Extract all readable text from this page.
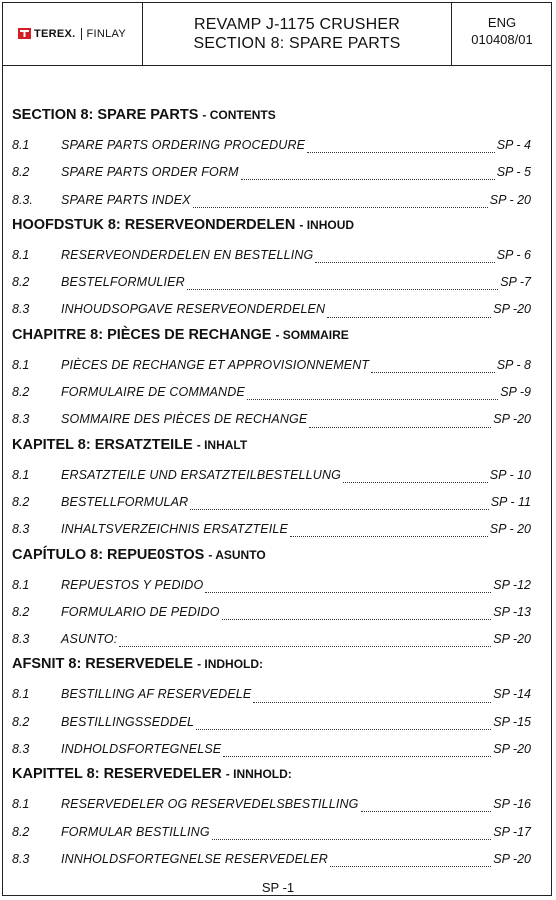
TEREX. FINLAY
REVAMP J-1175 CRUSHER
SECTION 8: SPARE PARTS
ENG
010408/01
SECTION 8: SPARE PARTS - CONTENTS
8.1	SPARE PARTS ORDERING PROCEDURE	SP - 4
8.2	SPARE PARTS ORDER FORM	SP - 5
8.3.	SPARE PARTS INDEX	SP - 20
HOOFDSTUK 8: RESERVEONDERDELEN - INHOUD
8.1	RESERVEONDERDELEN EN BESTELLING	SP - 6
8.2	BESTELFORMULIER	SP -7
8.3	INHOUDSOPGAVE RESERVEONDERDELEN	SP -20
CHAPITRE 8: PIÈCES DE RECHANGE - SOMMAIRE
8.1	PIÈCES DE RECHANGE ET APPROVISIONNEMENT	SP - 8
8.2	FORMULAIRE DE COMMANDE	SP -9
8.3	SOMMAIRE DES PIÈCES DE RECHANGE	SP -20
KAPITEL 8: ERSATZTEILE - INHALT
8.1	ERSATZTEILE UND ERSATZTEILBESTELLUNG	SP - 10
8.2	BESTELLFORMULAR	SP - 11
8.3	INHALTSVERZEICHNIS ERSATZTEILE	SP - 20
CAPÍTULO 8: REPUE0STOS - ASUNTO
8.1	REPUESTOS Y PEDIDO	SP -12
8.2	FORMULARIO DE PEDIDO	SP -13
8.3	ASUNTO:	SP -20
AFSNIT 8: RESERVEDELE - INDHOLD:
8.1	BESTILLING AF RESERVEDELE	SP -14
8.2	BESTILLINGSSEDDEL	SP -15
8.3	INDHOLDSFORTEGNELSE	SP -20
KAPITTEL 8: RESERVEDELER - INNHOLD:
8.1	RESERVEDELER OG RESERVEDELSBESTILLING	SP -16
8.2	FORMULAR BESTILLING	SP -17
8.3	INNHOLDSFORTEGNELSE RESERVEDELER	SP -20
SP -1
